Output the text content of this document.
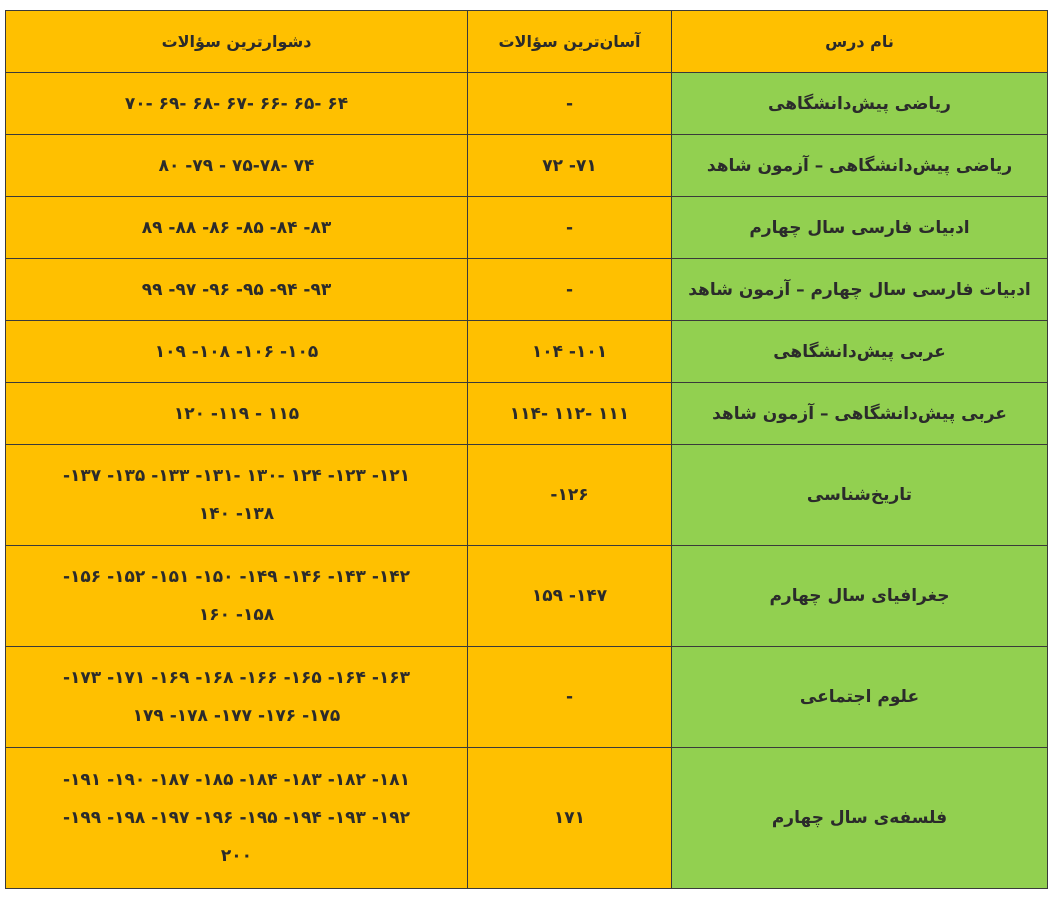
نام درس	آسان‌ترین سؤالات	دشوارترین سؤالات
ریاضی پیش‌دانشگاهی	-	۶۴ -۶۵ -۶۶ -۶۷ -۶۸ -۶۹ -۷۰

ریاضی پیش‌دانشگاهی – آزمون شاهد	۷۱- ۷۲	۷۴ -۷۵-۷۸ - ۷۹- ۸۰

ادبیات فارسی سال چهارم	-	۸۳- ۸۴- ۸۵- ۸۶- ۸۸- ۸۹

ادبیات فارسی سال چهارم – آزمون شاهد	-	۹۳- ۹۴- ۹۵- ۹۶- ۹۷- ۹۹

عربی پیش‌دانشگاهی	۱۰۱- ۱۰۴	۱۰۵- ۱۰۶- ۱۰۸- ۱۰۹

عربی پیش‌دانشگاهی – آزمون شاهد	۱۱۱ -۱۱۲ -۱۱۴	۱۱۵ - ۱۱۹- ۱۲۰

تاریخ‌شناسی	۱۲۶-	۱۲۱- ۱۲۳- ۱۲۴ -۱۳۰ -۱۳۱- ۱۳۳- ۱۳۵- ۱۳۷-
۱۳۸- ۱۴۰

جغرافیای سال چهارم	۱۴۷- ۱۵۹	۱۴۲- ۱۴۳- ۱۴۶- ۱۴۹- ۱۵۰- ۱۵۱- ۱۵۲- ۱۵۶-
۱۵۸- ۱۶۰

علوم اجتماعی	-	۱۶۳- ۱۶۴- ۱۶۵- ۱۶۶- ۱۶۸- ۱۶۹- ۱۷۱- ۱۷۳-
۱۷۵- ۱۷۶- ۱۷۷- ۱۷۸- ۱۷۹

فلسفه‌ی سال چهارم	۱۷۱	۱۸۱- ۱۸۲- ۱۸۳- ۱۸۴- ۱۸۵- ۱۸۷- ۱۹۰- ۱۹۱-
۱۹۲- ۱۹۳- ۱۹۴- ۱۹۵- ۱۹۶- ۱۹۷- ۱۹۸- ۱۹۹-
۲۰۰
